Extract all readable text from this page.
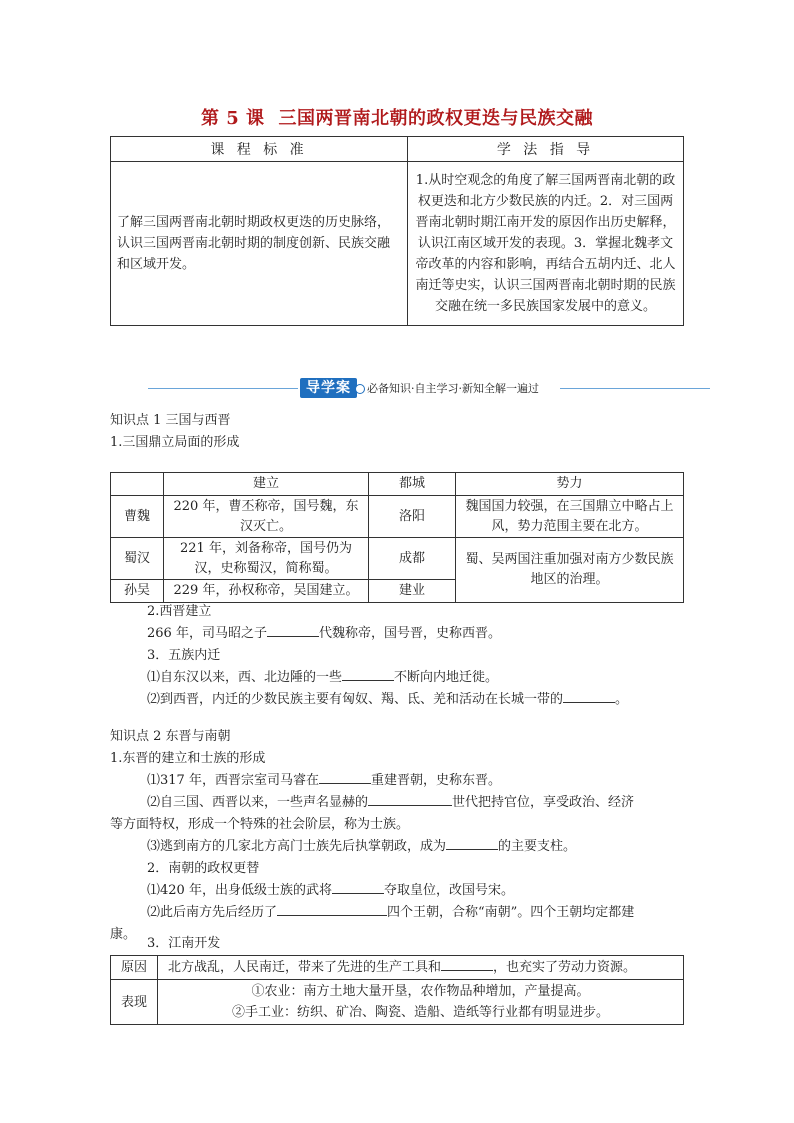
第 5 课 三国两晋南北朝的政权更迭与民族交融
课 程 标 准	学 法 指 导
了解三国两晋南北朝时期政权更迭的历史脉络，认识三国两晋南北朝时期的制度创新、民族交融和区域开发。	1.从时空观念的角度了解三国两晋南北朝的政权更迭和北方少数民族的内迁。2．对三国两晋南北朝时期江南开发的原因作出历史解释，认识江南区域开发的表现。3．掌握北魏孝文帝改革的内容和影响，再结合五胡内迁、北人南迁等史实，认识三国两晋南北朝时期的民族交融在统一多民族国家发展中的意义。
导学案	必备知识·自主学习·新知全解一遍过
知识点 1 三国与西晋
1.三国鼎立局面的形成
	建立	都城	势力
曹魏	220 年，曹丕称帝，国号魏，东汉灭亡。	洛阳	魏国国力较强，在三国鼎立中略占上风，势力范围主要在北方。
蜀汉	221 年，刘备称帝，国号仍为汉，史称蜀汉，简称蜀。	成都	蜀、吴两国注重加强对南方少数民族地区的治理。
孙吴	229 年，孙权称帝，吴国建立。	建业	
2.西晋建立
266 年，司马昭之子	代魏称帝，国号晋，史称西晋。
3．五族内迁
⑴自东汉以来，西、北边陲的一些	不断向内地迁徙。
⑵到西晋，内迁的少数民族主要有匈奴、羯、氐、羌和活动在长城一带的	。
知识点 2 东晋与南朝
1.东晋的建立和士族的形成
⑴317 年，西晋宗室司马睿在	重建晋朝，史称东晋。
⑵自三国、西晋以来，一些声名显赫的	世代把持官位，享受政治、经济
等方面特权，形成一个特殊的社会阶层，称为士族。
⑶逃到南方的几家北方高门士族先后执掌朝政，成为	的主要支柱。
2．南朝的政权更替
⑴420 年，出身低级士族的武将	夺取皇位，改国号宋。
⑵此后南方先后经历了	四个王朝，合称“南朝”。四个王朝均定都建
康。
3．江南开发
原因	北方战乱，人民南迁，带来了先进的生产工具和 ，也充实了劳动力资源。
表现	①农业：南方土地大量开垦，农作物品种增加，产量提高。
②手工业：纺织、矿冶、陶瓷、造船、造纸等行业都有明显进步。
